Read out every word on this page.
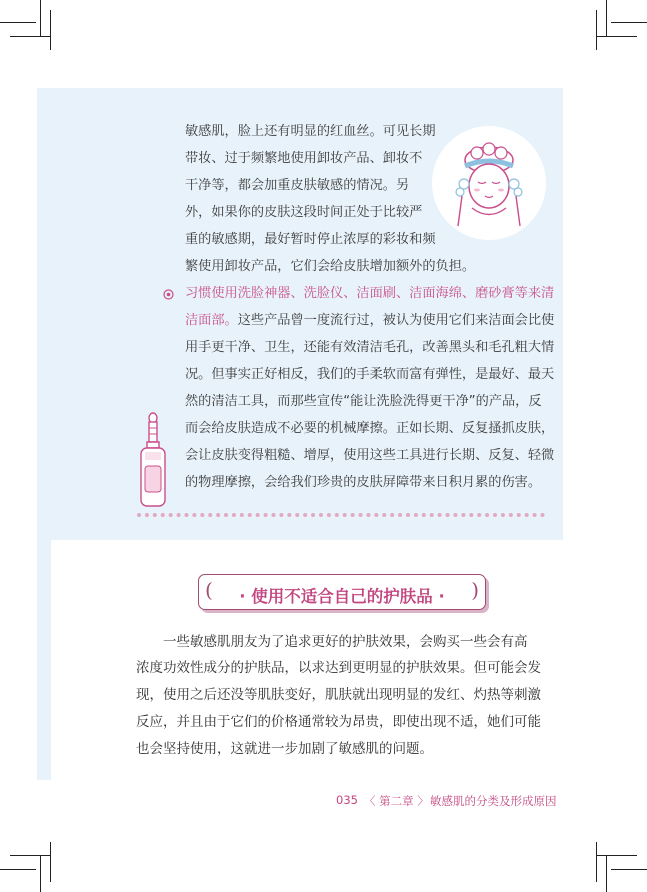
敏感肌，脸上还有明显的红血丝。可见长期
带妆、过于频繁地使用卸妆产品、卸妆不
干净等，都会加重皮肤敏感的情况。另
外，如果你的皮肤这段时间正处于比较严
重的敏感期，最好暂时停止浓厚的彩妆和频
繁使用卸妆产品，它们会给皮肤增加额外的负担。
习惯使用洗脸神器、洗脸仪、洁面刷、洁面海绵、磨砂膏等来清
洁面部。这些产品曾一度流行过，被认为使用它们来洁面会比使
用手更干净、卫生，还能有效清洁毛孔，改善黑头和毛孔粗大情
况。但事实正好相反，我们的手柔软而富有弹性，是最好、最天
然的清洁工具，而那些宣传“能让洗脸洗得更干净”的产品，反
而会给皮肤造成不必要的机械摩擦。正如长期、反复搔抓皮肤，
会让皮肤变得粗糙、增厚，使用这些工具进行长期、反复、轻微
的物理摩擦，会给我们珍贵的皮肤屏障带来日积月累的伤害。
(	· 使用不适合自己的护肤品 ·	)
一些敏感肌朋友为了追求更好的护肤效果，会购买一些会有高
浓度功效性成分的护肤品，以求达到更明显的护肤效果。但可能会发
现，使用之后还没等肌肤变好，肌肤就出现明显的发红、灼热等刺激
反应，并且由于它们的价格通常较为昂贵，即使出现不适，她们可能
也会坚持使用，这就进一步加剧了敏感肌的问题。
035 〈 第二章 〉 敏感肌的分类及形成原因
